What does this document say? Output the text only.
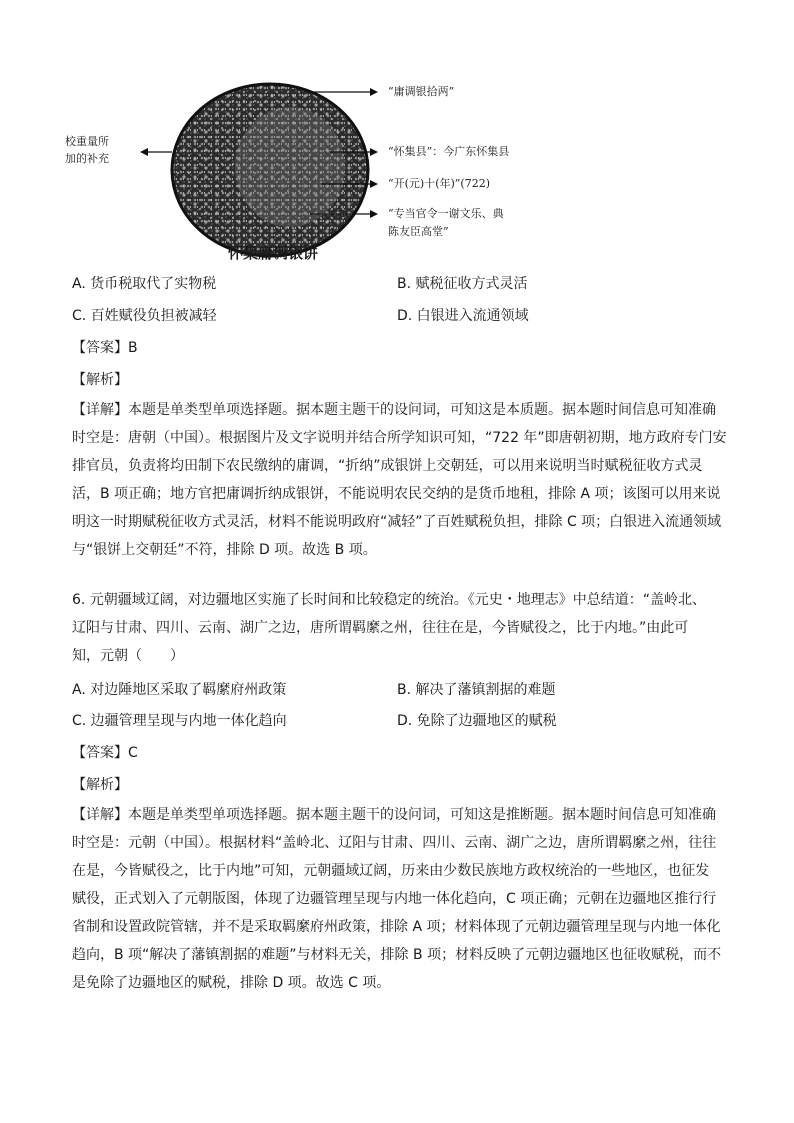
校重量所
加的补充
“庸调银拾两”
“怀集县”：今广东怀集县
“开(元)十(年)”(722)
“专当官令一谢文乐、典
陈友臣高堂”
怀集庸调银饼
A. 货币税取代了实物税	B. 赋税征收方式灵活
C. 百姓赋役负担被减轻	D. 白银进入流通领域
【答案】B
【解析】
【详解】本题是单类型单项选择题。据本题主题干的设问词，可知这是本质题。据本题时间信息可知准确
时空是：唐朝（中国）。根据图片及文字说明并结合所学知识可知，“722 年”即唐朝初期，地方政府专门安
排官员，负责将均田制下农民缴纳的庸调，“折纳”成银饼上交朝廷，可以用来说明当时赋税征收方式灵
活，B 项正确；地方官把庸调折纳成银饼，不能说明农民交纳的是货币地租，排除 A 项；该图可以用来说
明这一时期赋税征收方式灵活，材料不能说明政府“减轻”了百姓赋税负担，排除 C 项；白银进入流通领域
与“银饼上交朝廷”不符，排除 D 项。故选 B 项。
6. 元朝疆域辽阔，对边疆地区实施了长时间和比较稳定的统治。《元史・地理志》中总结道：“盖岭北、
辽阳与甘肃、四川、云南、湖广之边，唐所谓羁縻之州，往往在是，今皆赋役之，比于内地。”由此可
知，元朝（　　）
A. 对边陲地区采取了羁縻府州政策	B. 解决了藩镇割据的难题
C. 边疆管理呈现与内地一体化趋向	D. 免除了边疆地区的赋税
【答案】C
【解析】
【详解】本题是单类型单项选择题。据本题主题干的设问词，可知这是推断题。据本题时间信息可知准确
时空是：元朝（中国）。根据材料“盖岭北、辽阳与甘肃、四川、云南、湖广之边，唐所谓羁縻之州，往往
在是，今皆赋役之，比于内地”可知，元朝疆域辽阔，历来由少数民族地方政权统治的一些地区，也征发
赋役，正式划入了元朝版图，体现了边疆管理呈现与内地一体化趋向，C 项正确；元朝在边疆地区推行行
省制和设置政院管辖，并不是采取羁縻府州政策，排除 A 项；材料体现了元朝边疆管理呈现与内地一体化
趋向，B 项“解决了藩镇割据的难题”与材料无关，排除 B 项；材料反映了元朝边疆地区也征收赋税，而不
是免除了边疆地区的赋税，排除 D 项。故选 C 项。
